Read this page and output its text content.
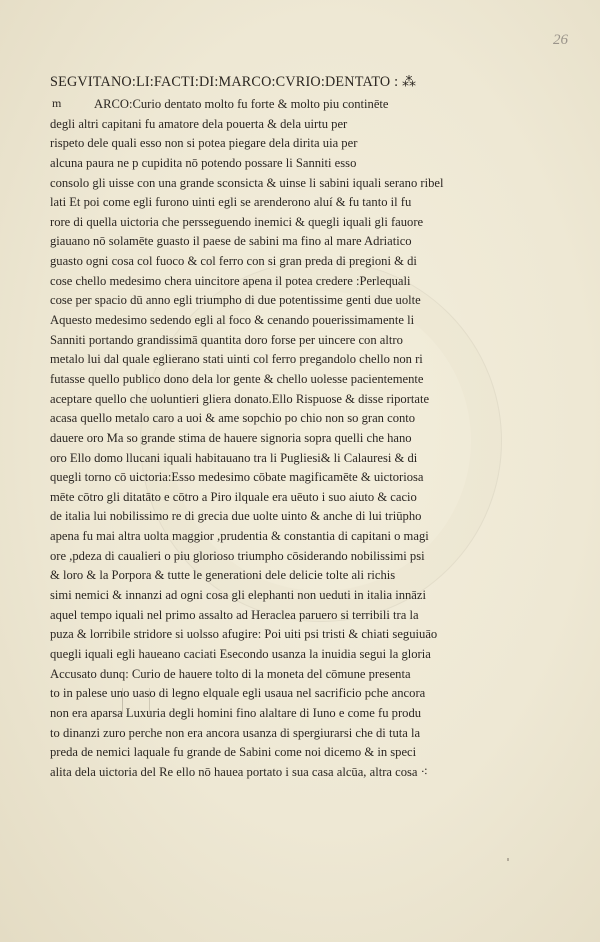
26
SEGVITANO:LI:FACTI:DI:MARCO:CVRIO:DENTATO : ⁂
m	ARCO:Curio dentato molto fu forte & molto piu continēte
degli altri capitani fu amatore dela pouerta & dela uirtu per
rispeto dele quali esso non si potea piegare dela dirita uia per
alcuna paura ne p cupidita nō potendo possare li Sanniti esso
consolo gli uisse con una grande sconsicta & uinse li sabini iquali serano ribel
lati Et poi come egli furono uinti egli se arenderono aluí & fu tanto il fu
rore di quella uictoria che persseguendo inemici & quegli iquali gli fauore
giauano nō solamēte guasto il paese de sabini ma fino al mare Adriatico
guasto ogni cosa col fuoco & col ferro con si gran preda di pregioni & di
cose chello medesimo chera uincitore apena il potea credere :Perlequali
cose per spacio dū anno egli triumpho di due potentissime genti due uolte
Aquesto medesimo sedendo egli al foco & cenando pouerissimamente li
Sanniti portando grandissimā quantita doro forse per uincere con altro
metalo lui dal quale eglierano stati uinti col ferro pregandolo chello non ri
futasse quello publico dono dela lor gente & chello uolesse pacientemente
aceptare quello che uoluntieri gliera donato.Ello Rispuose & disse riportate
acasa quello metalo caro a uoi & ame sopchio po chio non so gran conto
dauere oro Ma so grande stima de hauere signoria sopra quelli che hano
oro Ello domo llucani iquali habitauano tra li Pugliesi& li Calauresi & di
quegli torno cō uictoria:Esso medesimo cōbate magificamēte & uictoriosa
mēte cōtro gli ditatāto e cōtro a Piro ilquale era uēuto i suo aiuto & cacio
de italia lui nobilissimo re di grecia due uolte uinto & anche di lui triūpho
apena fu mai altra uolta maggior ,prudentia & constantia di capitani o magi
ore ,pdeza di caualieri o piu glorioso triumpho cōsiderando nobilissimi psi
& loro & la Porpora & tutte le generationi dele delicie tolte ali richis
simi nemici & innanzi ad ogni cosa gli elephanti non ueduti in italia innāzi
aquel tempo iquali nel primo assalto ad Heraclea paruero si terribili tra la
puza & lorribile stridore si uolsso afugire: Poi uiti psi tristi & chiati seguiuāo
quegli iquali egli haueano caciati Esecondo usanza la inuidia segui la gloria
Accusato dunq: Curio de hauere tolto di la moneta del cōmune presenta
to in palese uno uaso di legno elquale egli usaua nel sacrificio pche ancora
non era aparsa Luxuria degli homini fino alaltare di Iuno e come fu produ
to dinanzi zuro perche non era ancora usanza di spergiurarsi che di tuta la
preda de nemici laquale fu grande de Sabini come noi dicemo & in speci
alita dela uictoria del Re ello nō hauea portato i sua casa alcūa, altra cosa ⁖
